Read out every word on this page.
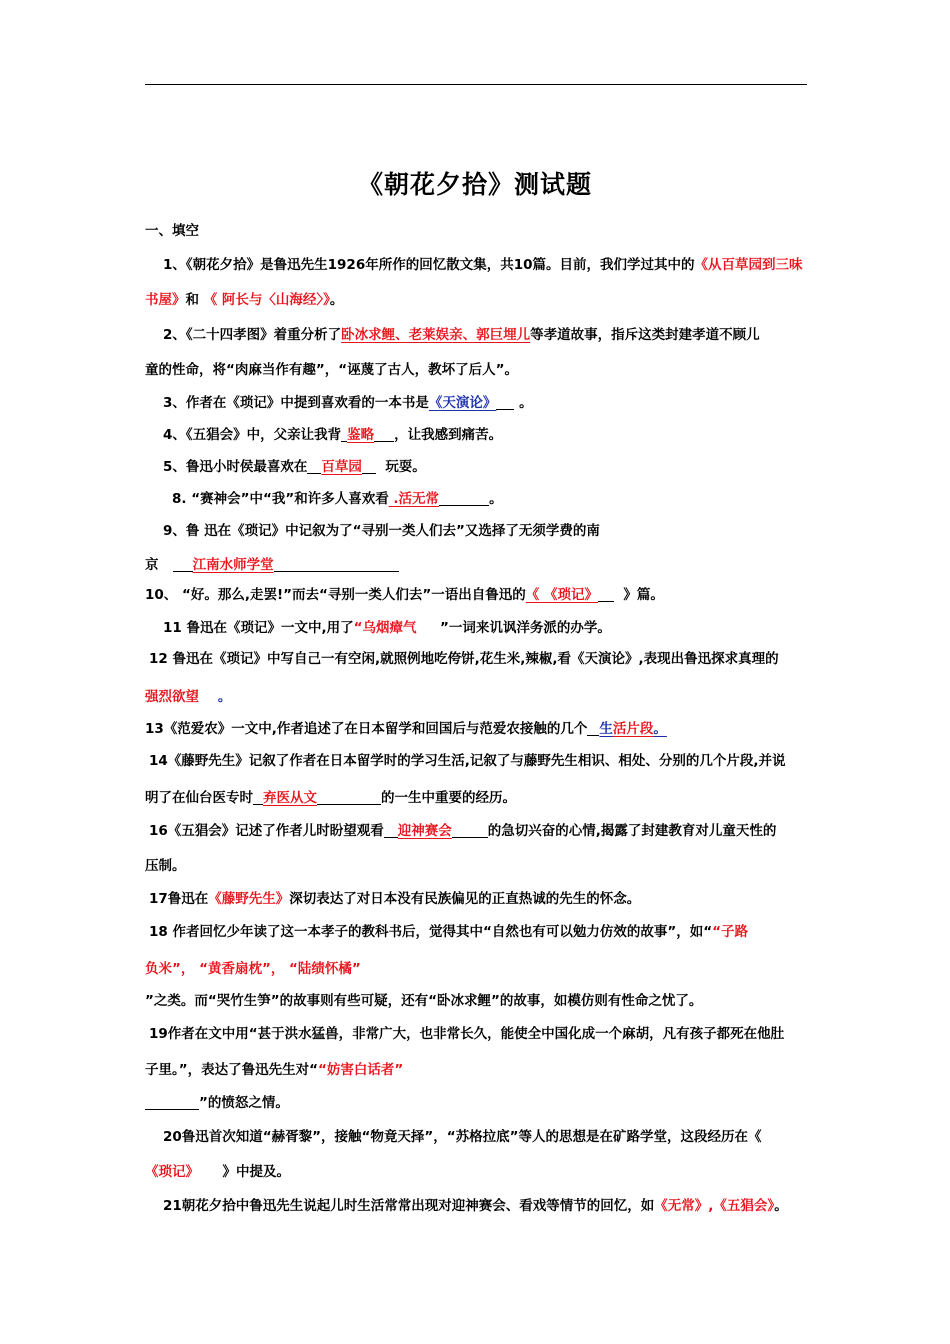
《朝花夕拾》测试题
一、填空
1、《朝花夕拾》是鲁迅先生1926年所作的回忆散文集，共10篇。目前，我们学过其中的《从百草园到三味
书屋》和 《 阿长与〈山海经〉》。
2、《二十四孝图》着重分析了卧冰求鲤、老莱娱亲、郭巨埋儿等孝道故事，指斥这类封建孝道不顾儿
童的性命，将“肉麻当作有趣”，“诬蔑了古人，教坏了后人”。
3、作者在《琐记》中提到喜欢看的一本书是《天演论》 。
4、《五猖会》中，父亲让我背 鉴略 ，让我感到痛苦。
5、鲁迅小时侯最喜欢在 百草园 玩耍。
8. “赛神会”中“我”和许多人喜欢看 .活无常	。
9、鲁 迅在《琐记》中记叙为了“寻别一类人们去”又选择了无须学费的南
京	江南水师学堂
10、 “好。那么,走罢!”而去“寻别一类人们去”一语出自鲁迅的《 《琐记》 》篇。
11 鲁迅在《琐记》一文中,用了“乌烟瘴气 ”一词来讥讽洋务派的办学。
12 鲁迅在《琐记》中写自己一有空闲,就照例地吃侉饼,花生米,辣椒,看《天演论》,表现出鲁迅探求真理的
强烈欲望 。
13《范爱农》一文中,作者追述了在日本留学和回国后与范爱农接触的几个 生活片段。
14《藤野先生》记叙了作者在日本留学时的学习生活,记叙了与藤野先生相识、相处、分别的几个片段,并说
明了在仙台医专时 弃医从文	的一生中重要的经历。
16《五猖会》记述了作者儿时盼望观看 迎神赛会	的急切兴奋的心情,揭露了封建教育对儿童天性的
压制。
17鲁迅在《藤野先生》深切表达了对日本没有民族偏见的正直热诚的先生的怀念。
18 作者回忆少年读了这一本孝子的教科书后，觉得其中“自然也有可以勉力仿效的故事”，如““子路
负米”， “黄香扇枕”， “陆绩怀橘”
”之类。而“哭竹生笋”的故事则有些可疑，还有“卧冰求鲤”的故事，如模仿则有性命之忧了。
19作者在文中用“甚于洪水猛兽，非常广大，也非常长久，能使全中国化成一个麻胡，凡有孩子都死在他肚
子里。”，表达了鲁迅先生对““妨害白话者”
”的愤怒之情。
20鲁迅首次知道“赫胥黎”，接触“物竟天择”，“苏格拉底”等人的思想是在矿路学堂，这段经历在《
《琐记》 》中提及。
21朝花夕拾中鲁迅先生说起儿时生活常常出现对迎神赛会、看戏等情节的回忆，如《无常》,《五猖会》。
